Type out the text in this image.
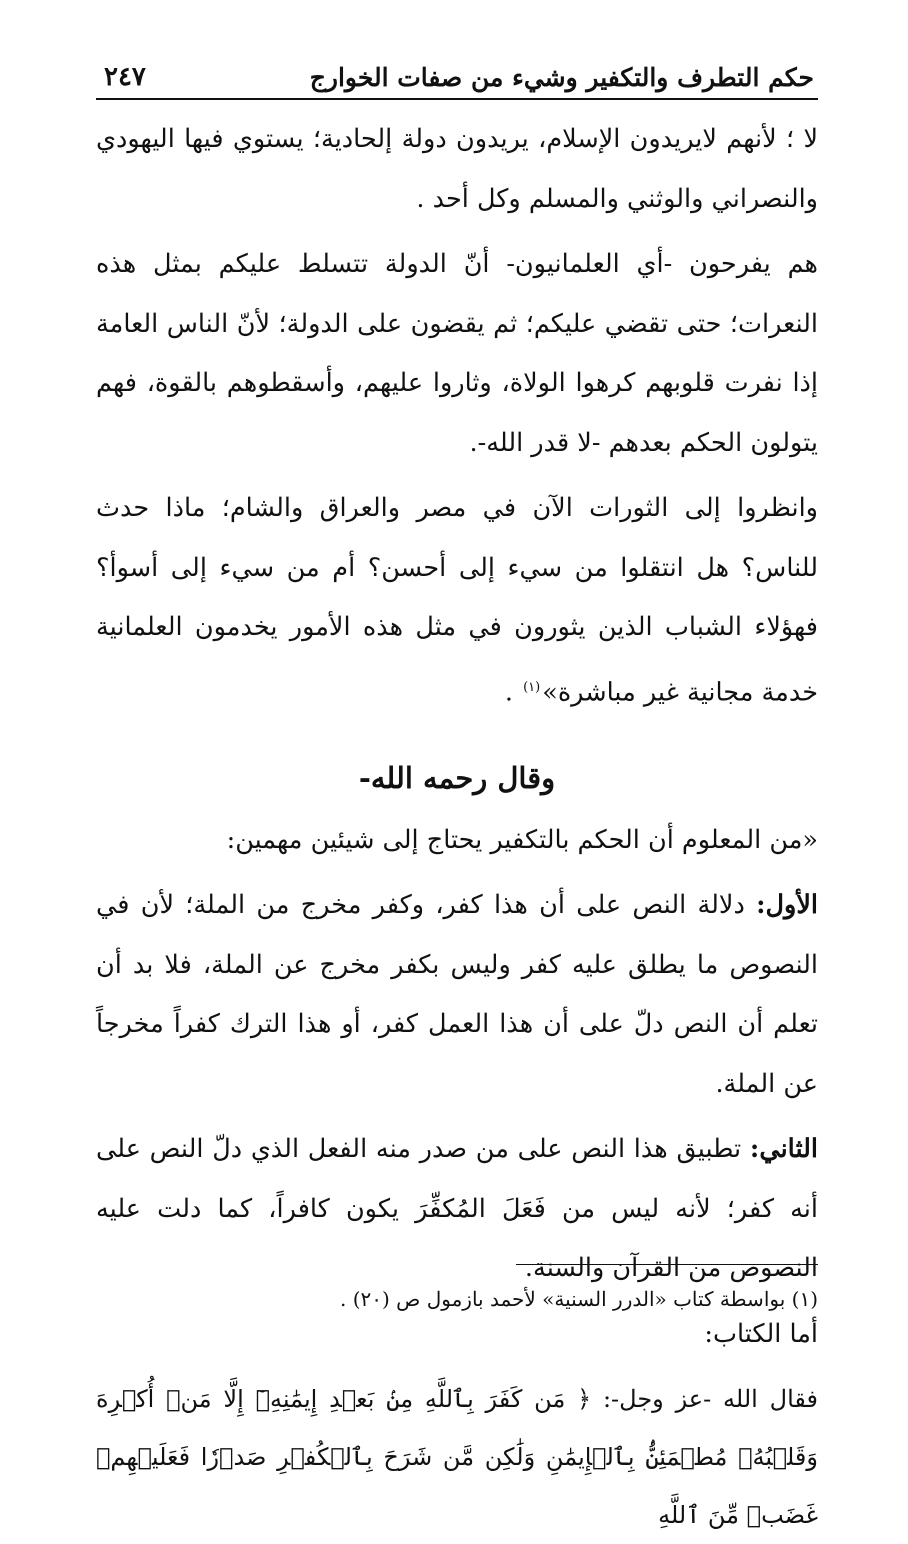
٢٤٧	حكم التطرف والتكفير وشيء من صفات الخوارج

لا ؛ لأنهم لايريدون الإسلام، يريدون دولة إلحادية؛ يستوي فيها اليهودي والنصراني والوثني والمسلم وكل أحد .

هم يفرحون -أي العلمانيون- أنّ الدولة تتسلط عليكم بمثل هذه النعرات؛ حتى تقضي عليكم؛ ثم يقضون على الدولة؛ لأنّ الناس العامة إذا نفرت قلوبهم كرهوا الولاة، وثاروا عليهم، وأسقطوهم بالقوة، فهم يتولون الحكم بعدهم -لا قدر الله-.

وانظروا إلى الثورات الآن في مصر والعراق والشام؛ ماذا حدث للناس؟ هل انتقلوا من سيء إلى أحسن؟ أم من سيء إلى أسوأ؟ فهؤلاء الشباب الذين يثورون في مثل هذه الأمور يخدمون العلمانية خدمة مجانية غير مباشرة»$^{(١)}$ .

وقال رحمه الله-

«من المعلوم أن الحكم بالتكفير يحتاج إلى شيئين مهمين:

الأول: دلالة النص على أن هذا كفر، وكفر مخرج من الملة؛ لأن في النصوص ما يطلق عليه كفر وليس بكفر مخرج عن الملة، فلا بد أن تعلم أن النص دلّ على أن هذا العمل كفر، أو هذا الترك كفراً مخرجاً عن الملة.

الثاني: تطبيق هذا النص على من صدر منه الفعل الذي دلّ النص على أنه كفر؛ لأنه ليس من فَعَلَ المُكفِّرَ يكون كافراً، كما دلت عليه النصوص من القرآن والسنة.

أما الكتاب:

فقال الله -عز وجل-: ﴿ مَن كَفَرَ بِٱللَّهِ مِنۢ بَعۡدِ إِيمَٰنِهِۦٓ إِلَّا مَنۡ أُكۡرِهَ وَقَلۡبُهُۥ مُطۡمَئِنُّۢ بِٱلۡإِيمَٰنِ وَلَٰكِن مَّن شَرَحَ بِٱلۡكُفۡرِ صَدۡرٗا فَعَلَيۡهِمۡ غَضَبٞ مِّنَ ٱللَّهِ

(١) بواسطة كتاب «الدرر السنية» لأحمد بازمول ص (٢٠) .
